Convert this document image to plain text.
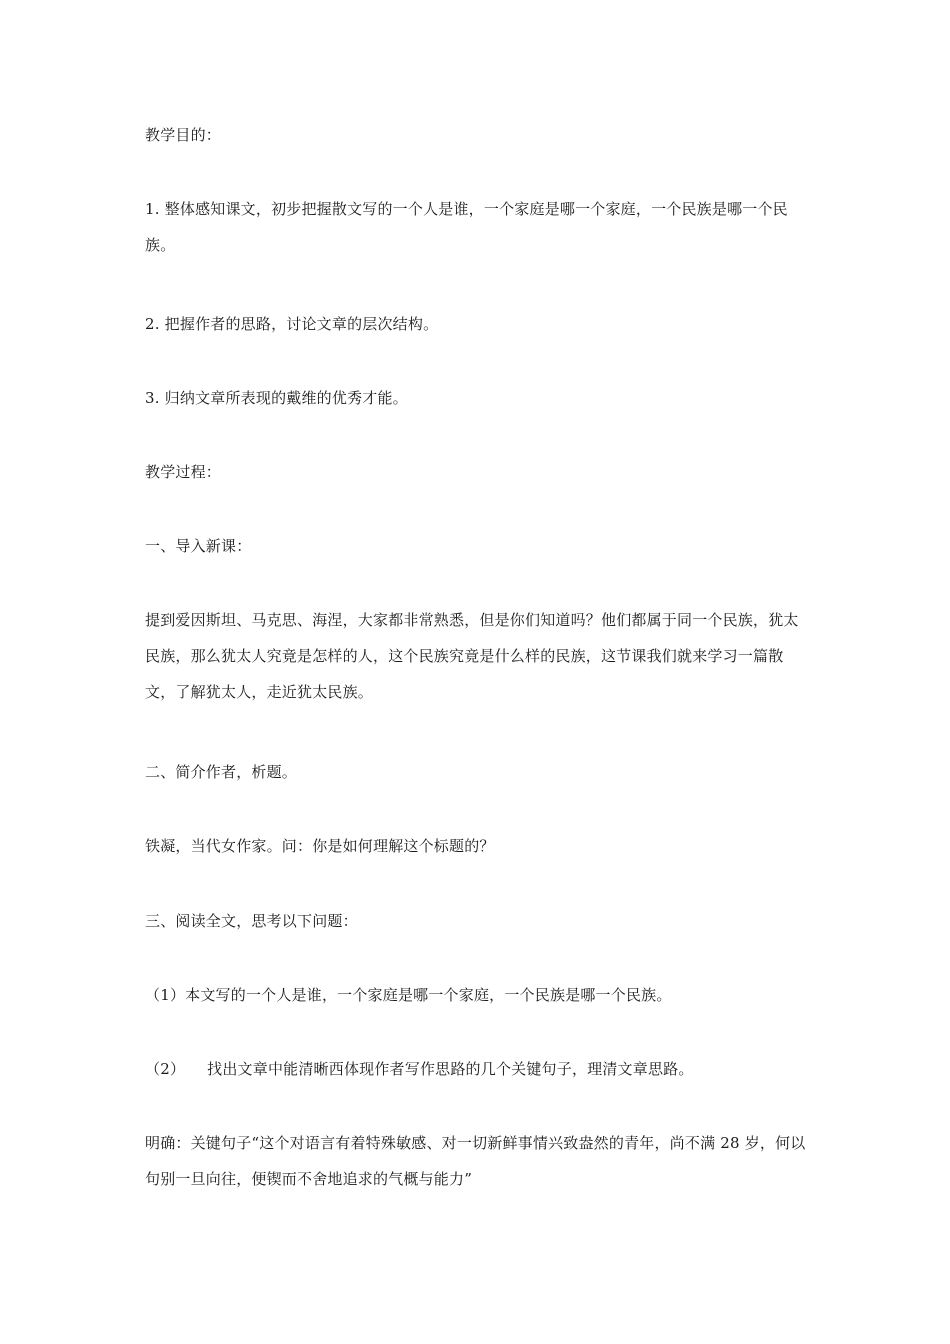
教学目的：

1. 整体感知课文，初步把握散文写的一个人是谁，一个家庭是哪一个家庭，一个民族是哪一个民族。

2. 把握作者的思路，讨论文章的层次结构。

3. 归纳文章所表现的戴维的优秀才能。

教学过程：

一、导入新课：

提到爱因斯坦、马克思、海涅，大家都非常熟悉，但是你们知道吗？他们都属于同一个民族，犹太民族，那么犹太人究竟是怎样的人，这个民族究竟是什么样的民族，这节课我们就来学习一篇散文，了解犹太人，走近犹太民族。

二、简介作者，析题。

铁凝，当代女作家。问：你是如何理解这个标题的？

三、阅读全文，思考以下问题：

（1）本文写的一个人是谁，一个家庭是哪一个家庭，一个民族是哪一个民族。

（2） 找出文章中能清晰西体现作者写作思路的几个关键句子，理清文章思路。

明确：关键句子“这个对语言有着特殊敏感、对一切新鲜事情兴致盎然的青年，尚不满 28 岁，何以句别一旦向往，便锲而不舍地追求的气概与能力”
